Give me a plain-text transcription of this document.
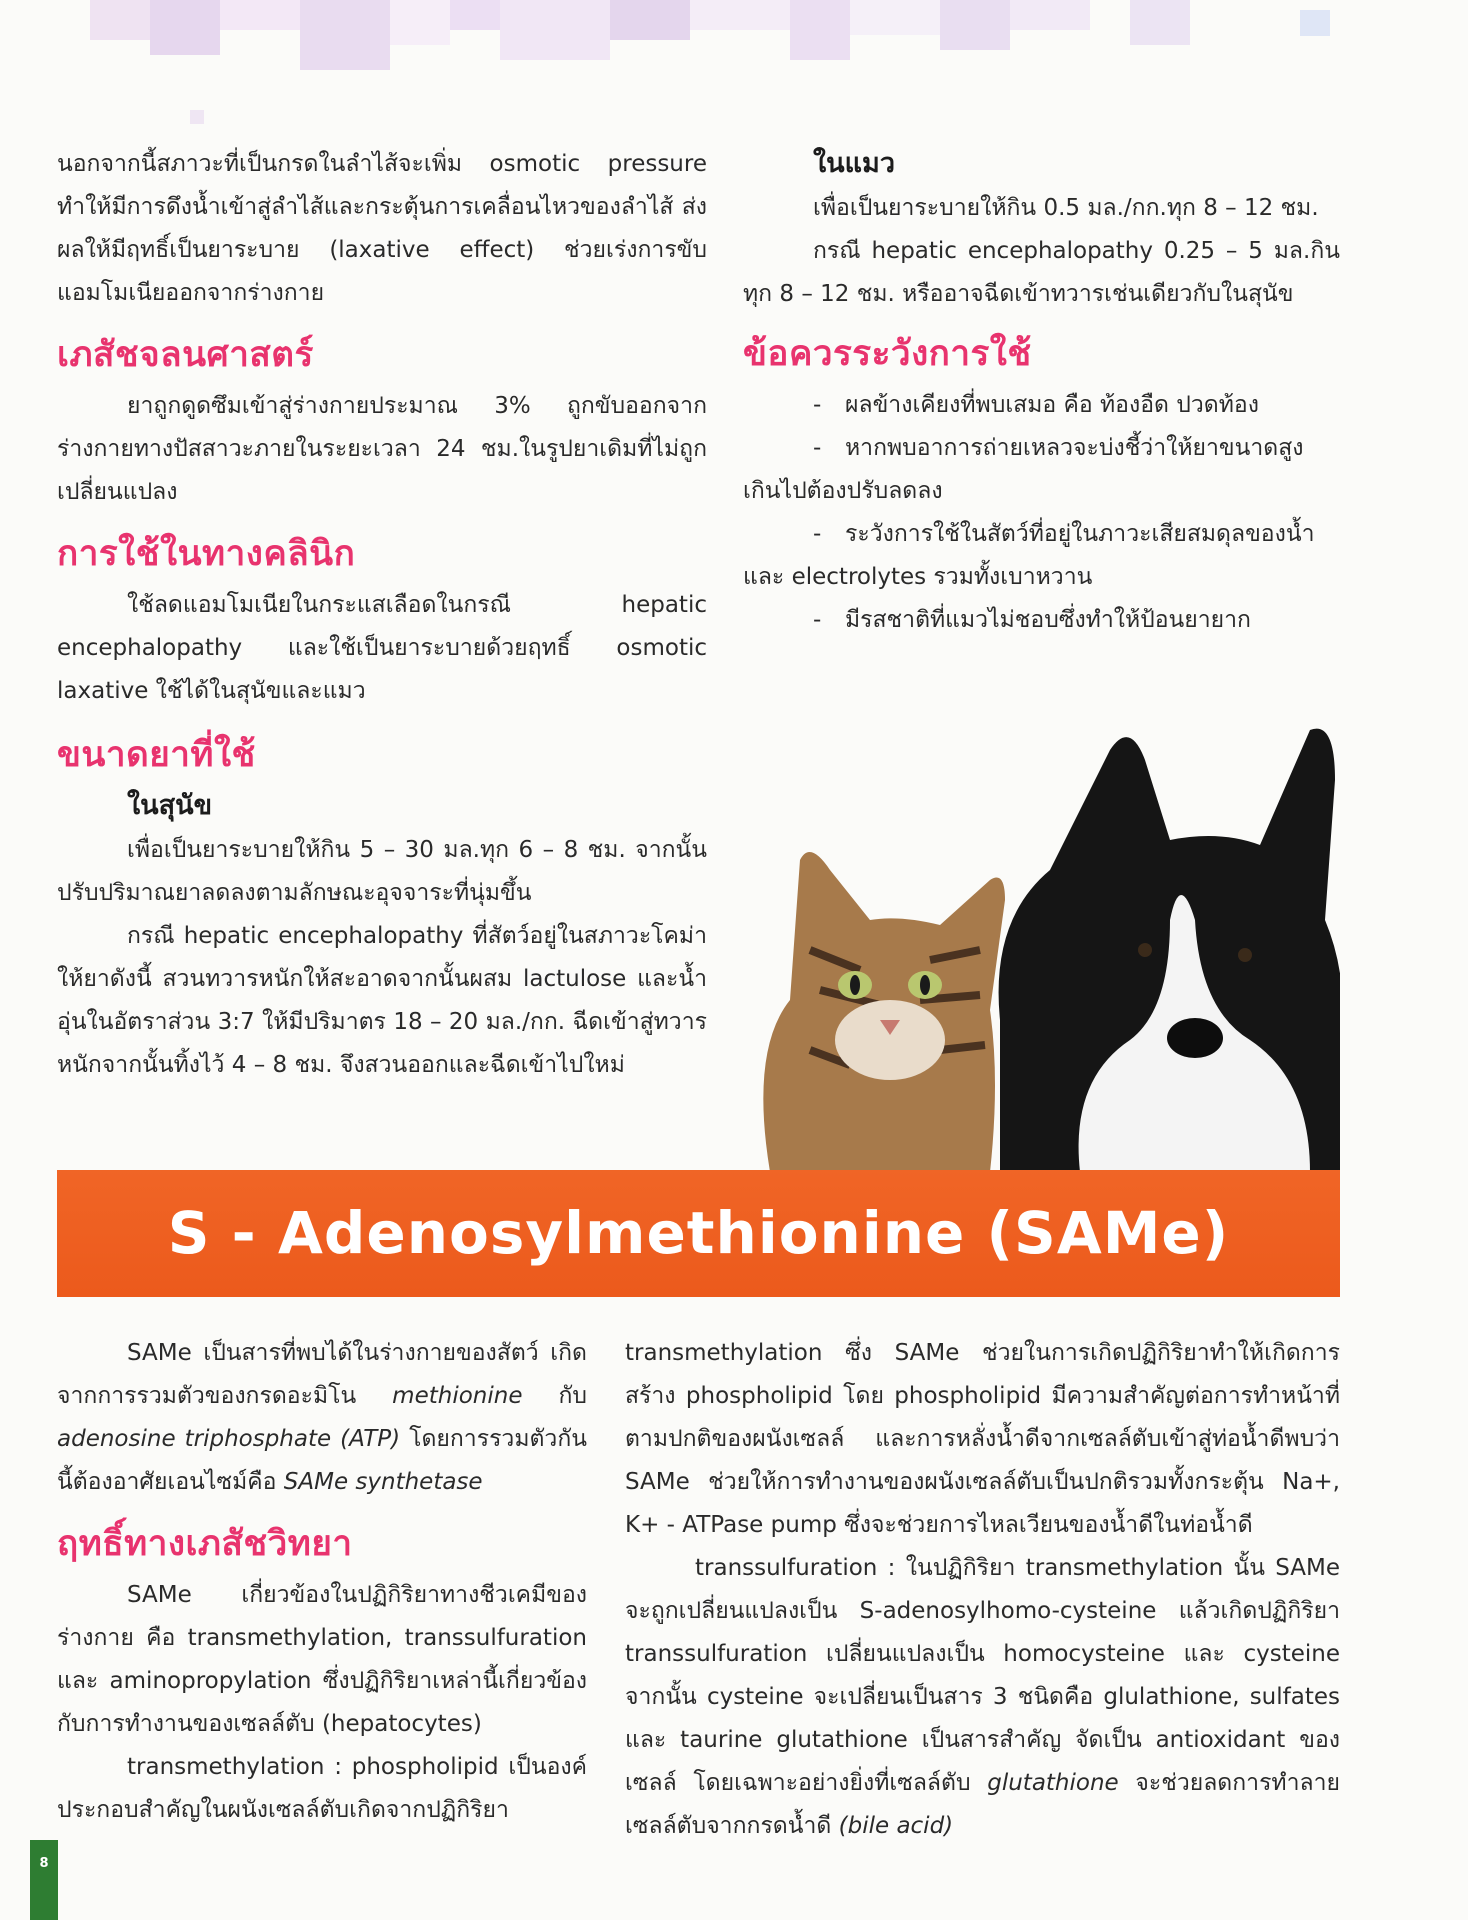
นอกจากนี้สภาวะที่เป็นกรดในลำไส้จะเพิ่ม osmotic pressure ทำให้มีการดึงน้ำเข้าสู่ลำไส้และกระตุ้นการเคลื่อนไหวของลำไส้ ส่งผลให้มีฤทธิ์เป็นยาระบาย (laxative effect) ช่วยเร่งการขับแอมโมเนียออกจากร่างกาย

เภสัชจลนศาสตร์

ยาถูกดูดซึมเข้าสู่ร่างกายประมาณ 3% ถูกขับออกจากร่างกายทางปัสสาวะภายในระยะเวลา 24 ชม.ในรูปยาเดิมที่ไม่ถูกเปลี่ยนแปลง

การใช้ในทางคลินิก

ใช้ลดแอมโมเนียในกระแสเลือดในกรณี hepatic encephalopathy และใช้เป็นยาระบายด้วยฤทธิ์ osmotic laxative ใช้ได้ในสุนัขและแมว

ขนาดยาที่ใช้
ในสุนัข

เพื่อเป็นยาระบายให้กิน 5 – 30 มล.ทุก 6 – 8 ชม. จากนั้นปรับปริมาณยาลดลงตามลักษณะอุจจาระที่นุ่มขึ้น

กรณี hepatic encephalopathy ที่สัตว์อยู่ในสภาวะโคม่าให้ยาดังนี้ สวนทวารหนักให้สะอาดจากนั้นผสม lactulose และน้ำอุ่นในอัตราส่วน 3:7 ให้มีปริมาตร 18 – 20 มล./กก. ฉีดเข้าสู่ทวารหนักจากนั้นทิ้งไว้ 4 – 8 ชม. จึงสวนออกและฉีดเข้าไปใหม่

ในแมว

เพื่อเป็นยาระบายให้กิน 0.5 มล./กก.ทุก 8 – 12 ชม.

กรณี hepatic encephalopathy 0.25 – 5 มล.กินทุก 8 – 12 ชม. หรืออาจฉีดเข้าทวารเช่นเดียวกับในสุนัข

ข้อควรระวังการใช้

- ผลข้างเคียงที่พบเสมอ คือ ท้องอืด ปวดท้อง

- หากพบอาการถ่ายเหลวจะบ่งชี้ว่าให้ยาขนาดสูงเกินไปต้องปรับลดลง

- ระวังการใช้ในสัตว์ที่อยู่ในภาวะเสียสมดุลของน้ำและ electrolytes รวมทั้งเบาหวาน

- มีรสชาติที่แมวไม่ชอบซึ่งทำให้ป้อนยายาก

S - Adenosylmethionine (SAMe)

SAMe เป็นสารที่พบได้ในร่างกายของสัตว์ เกิดจากการรวมตัวของกรดอะมิโน methionine กับ adenosine triphosphate (ATP) โดยการรวมตัวกันนี้ต้องอาศัยเอนไซม์คือ SAMe synthetase

ฤทธิ์ทางเภสัชวิทยา

SAMe เกี่ยวข้องในปฏิกิริยาทางชีวเคมีของร่างกาย คือ transmethylation, transsulfuration และ aminopropylation ซึ่งปฏิกิริยาเหล่านี้เกี่ยวข้องกับการทำงานของเซลล์ตับ (hepatocytes)

transmethylation : phospholipid เป็นองค์ประกอบสำคัญในผนังเซลล์ตับเกิดจากปฏิกิริยา

transmethylation ซึ่ง SAMe ช่วยในการเกิดปฏิกิริยาทำให้เกิดการสร้าง phospholipid โดย phospholipid มีความสำคัญต่อการทำหน้าที่ตามปกติของผนังเซลล์ และการหลั่งน้ำดีจากเซลล์ตับเข้าสู่ท่อน้ำดีพบว่า SAMe ช่วยให้การทำงานของผนังเซลล์ตับเป็นปกติรวมทั้งกระตุ้น Na+, K+ - ATPase pump ซึ่งจะช่วยการไหลเวียนของน้ำดีในท่อน้ำดี

transsulfuration : ในปฏิกิริยา transmethylation นั้น SAMe จะถูกเปลี่ยนแปลงเป็น S-adenosylhomo-cysteine แล้วเกิดปฏิกิริยา transsulfuration เปลี่ยนแปลงเป็น homocysteine และ cysteine จากนั้น cysteine จะเปลี่ยนเป็นสาร 3 ชนิดคือ glulathione, sulfates และ taurine glutathione เป็นสารสำคัญ จัดเป็น antioxidant ของเซลล์ โดยเฉพาะอย่างยิ่งที่เซลล์ตับ glutathione จะช่วยลดการทำลายเซลล์ตับจากกรดน้ำดี (bile acid)

8
